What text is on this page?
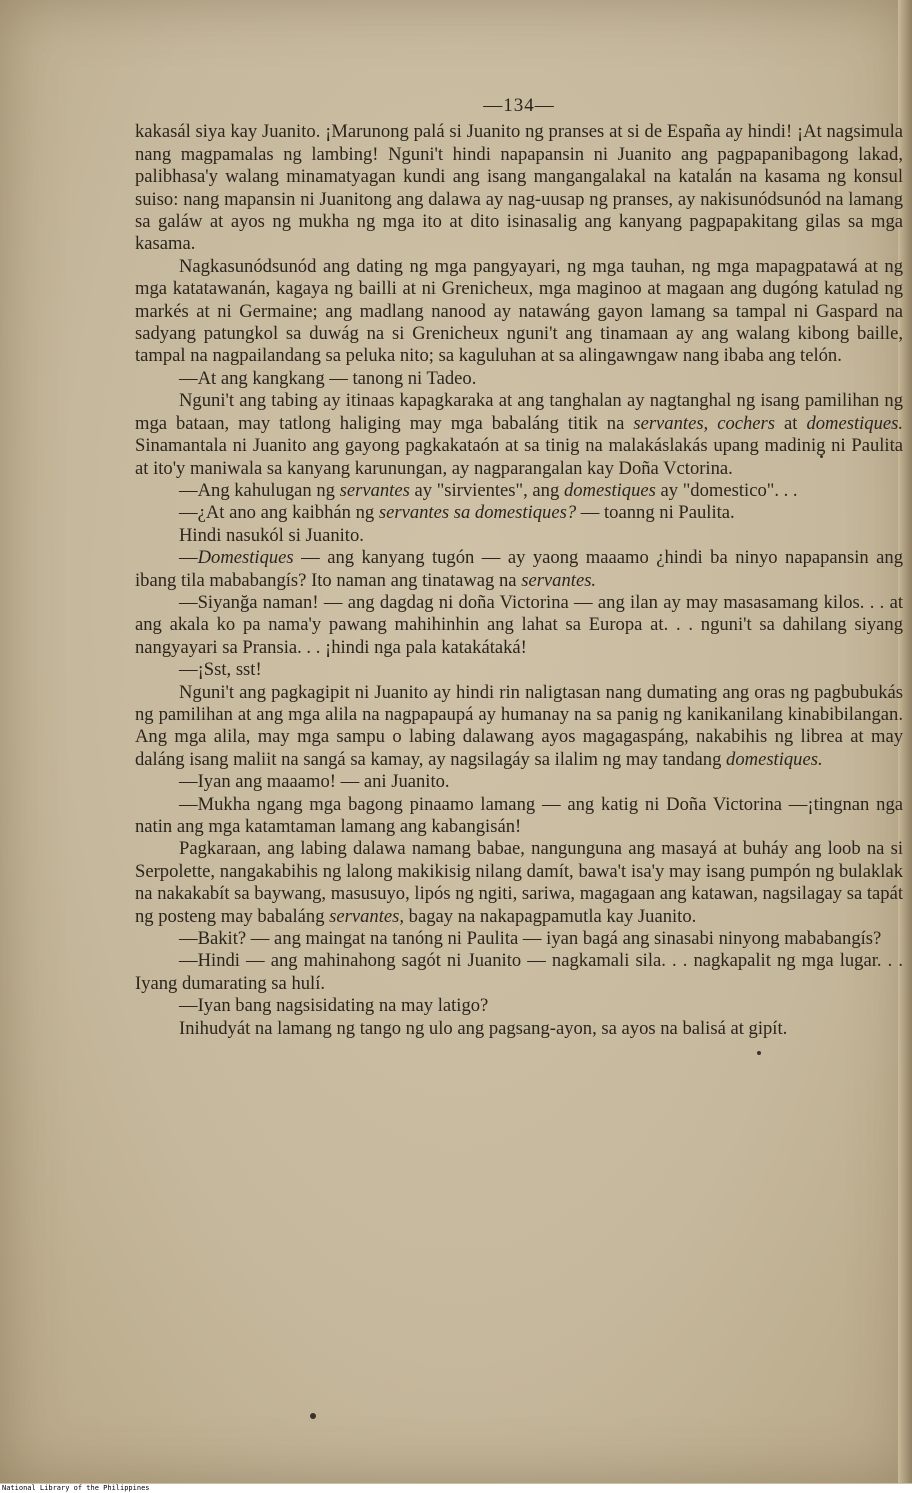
—134—

kakasál siya kay Juanito. ¡Marunong palá si Juanito ng pranses at si de España ay hindi! ¡At nagsimula nang magpamalas ng lambing! Nguni't hindi napapansin ni Juanito ang pagpapanibagong lakad, palibhasa'y walang minamatyagan kundi ang isang mangangalakal na katalán na kasama ng konsul suiso: nang mapansin ni Juanitong ang dalawa ay nag-uusap ng pranses, ay nakisunódsunód na lamang sa galáw at ayos ng mukha ng mga ito at dito isinasalig ang kanyang pagpapakitang gilas sa mga kasama.

Nagkasunódsunód ang dating ng mga pangyayari, ng mga tauhan, ng mga mapagpatawá at ng mga katatawanán, kagaya ng bailli at ni Grenicheux, mga maginoo at magaan ang dugóng katulad ng markés at ni Germaine; ang madlang nanood ay natawáng gayon lamang sa tampal ni Gaspard na sadyang patungkol sa duwág na si Grenicheux nguni't ang tinamaan ay ang walang kibong baille, tampal na nagpailandang sa peluka nito; sa kaguluhan at sa alingawngaw nang ibaba ang telón.

—At ang kangkang — tanong ni Tadeo.

Nguni't ang tabing ay itinaas kapagkaraka at ang tanghalan ay nagtanghal ng isang pamilihan ng mga bataan, may tatlong haliging may mga babaláng titik na servantes, cochers at domestiques. Sinamantala ni Juanito ang gayong pagkakataón at sa tinig na malakáslakás upang madinig ni Paulita at ito'y maniwala sa kanyang karunungan, ay nagparangalan kay Doña Vctorina.

—Ang kahulugan ng servantes ay "sirvientes", ang domestiques ay "domestico". . .

—¿At ano ang kaibhán ng servantes sa domestiques? — toanng ni Paulita.

Hindi nasukól si Juanito.

—Domestiques — ang kanyang tugón — ay yaong maaamo ¿hindi ba ninyo napapansin ang ibang tila mababangís? Ito naman ang tinatawag na servantes.

—Siyanğa naman! — ang dagdag ni doña Victorina — ang ilan ay may masasamang kilos. . . at ang akala ko pa nama'y pawang mahihinhin ang lahat sa Europa at. . . nguni't sa dahilang siyang nangyayari sa Pransia. . . ¡hindi nga pala katakátaká!

—¡Sst, sst!

Nguni't ang pagkagipit ni Juanito ay hindi rin naligtasan nang dumating ang oras ng pagbubukás ng pamilihan at ang mga alila na nagpapaupá ay humanay na sa panig ng kanikanilang kinabibilangan. Ang mga alila, may mga sampu o labing dalawang ayos magagaspáng, nakabihis ng librea at may daláng isang maliit na sangá sa kamay, ay nagsilagáy sa ilalim ng may tandang domestiques.

—Iyan ang maaamo! — ani Juanito.

—Mukha ngang mga bagong pinaamo lamang — ang katig ni Doña Victorina —¡tingnan nga natin ang mga katamtaman lamang ang kabangisán!

Pagkaraan, ang labing dalawa namang babae, nangunguna ang masayá at buháy ang loob na si Serpolette, nangakabihis ng lalong makikisig nilang damít, bawa't isa'y may isang pumpón ng bulaklak na nakakabít sa baywang, masusuyo, lipós ng ngiti, sariwa, magagaan ang katawan, nagsilagay sa tapát ng posteng may babaláng servantes, bagay na nakapagpamutla kay Juanito.

—Bakit? — ang maingat na tanóng ni Paulita — iyan bagá ang sinasabi ninyong mababangís?

—Hindi — ang mahinahong sagót ni Juanito — nagkamali sila. . . nagkapalit ng mga lugar. . . Iyang dumarating sa hulí.

—Iyan bang nagsisidating na may latigo?

Inihudyát na lamang ng tango ng ulo ang pagsang-ayon, sa ayos na balisá at gipít.

National Library of the Philippines
